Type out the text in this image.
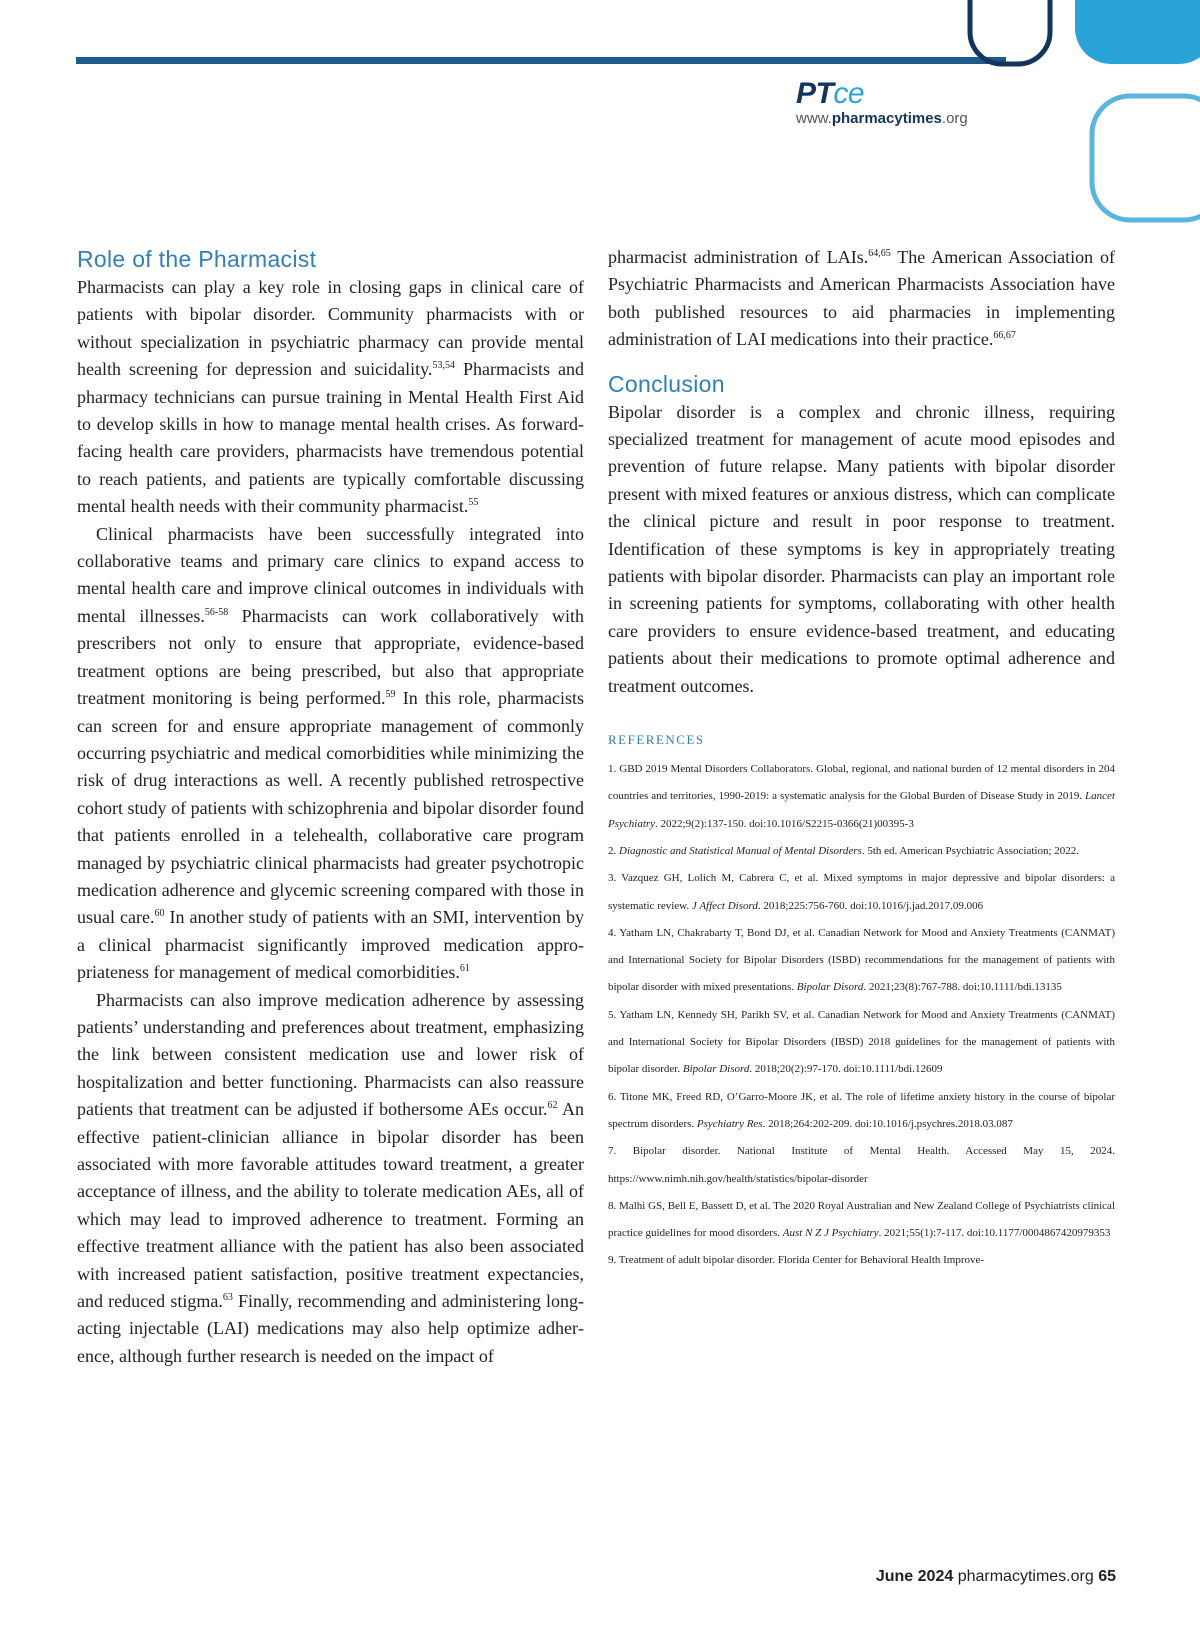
PTce
www.pharmacytimes.org
Role of the Pharmacist

Pharmacists can play a key role in closing gaps in clinical care of patients with bipolar disorder. Community pharmacists with or without specialization in psychiatric pharmacy can provide mental health screening for depression and suicidality.$^{53,54}$ Pharmacists and pharmacy technicians can pursue training in Mental Health First Aid to develop skills in how to manage mental health crises. As forward-facing health care providers, pharmacists have tremendous potential to reach patients, and patients are typically comfortable discussing mental health needs with their community pharmacist.$^{55}$

Clinical pharmacists have been successfully integrated into collaborative teams and primary care clinics to expand access to mental health care and improve clinical outcomes in individuals with mental illnesses.$^{56-58}$ Pharmacists can work collaboratively with prescribers not only to ensure that appropriate, evidence-based treatment options are being prescribed, but also that appropriate treatment monitoring is being performed.$^{59}$ In this role, pharmacists can screen for and ensure appropriate management of commonly occurring psychiatric and medical comorbidities while minimizing the risk of drug interactions as well. A recently published retrospective cohort study of patients with schizophrenia and bipolar disorder found that patients enrolled in a telehealth, collaborative care program managed by psychiatric clinical pharmacists had greater psychotropic medication adherence and glycemic screening compared with those in usual care.$^{60}$ In another study of patients with an SMI, intervention by a clinical pharmacist significantly improved medication appropriateness for management of medical comorbidities.$^{61}$

Pharmacists can also improve medication adherence by assessing patients’ understanding and preferences about treatment, emphasizing the link between consistent medication use and lower risk of hospitalization and better functioning. Pharmacists can also reassure patients that treatment can be adjusted if bothersome AEs occur.$^{62}$ An effective patient-clinician alliance in bipolar disorder has been associated with more favorable attitudes toward treatment, a greater acceptance of illness, and the ability to tolerate medication AEs, all of which may lead to improved adherence to treatment. Forming an effective treatment alliance with the patient has also been associated with increased patient satisfaction, positive treatment expectancies, and reduced stigma.$^{63}$ Finally, recommending and administering long-acting injectable (LAI) medications may also help optimize adherence, although further research is needed on the impact of

pharmacist administration of LAIs.$^{64,65}$ The American Association of Psychiatric Pharmacists and American Pharmacists Association have both published resources to aid pharmacies in implementing administration of LAI medications into their practice.$^{66,67}$

Conclusion

Bipolar disorder is a complex and chronic illness, requiring specialized treatment for management of acute mood episodes and prevention of future relapse. Many patients with bipolar disorder present with mixed features or anxious distress, which can complicate the clinical picture and result in poor response to treatment. Identification of these symptoms is key in appropriately treating patients with bipolar disorder. Pharmacists can play an important role in screening patients for symptoms, collaborating with other health care providers to ensure evidence-based treatment, and educating patients about their medications to promote optimal adherence and treatment outcomes.

REFERENCES

1. GBD 2019 Mental Disorders Collaborators. Global, regional, and national burden of 12 mental disorders in 204 countries and territories, 1990-2019: a systematic analysis for the Global Burden of Disease Study in 2019. Lancet Psychiatry. 2022;9(2):137-150. doi:10.1016/S2215-0366(21)00395-3

2. Diagnostic and Statistical Manual of Mental Disorders. 5th ed. American Psychiatric Association; 2022.

3. Vazquez GH, Lolich M, Cabrera C, et al. Mixed symptoms in major depressive and bipolar disorders: a systematic review. J Affect Disord. 2018;225:756-760. doi:10.1016/j.jad.2017.09.006

4. Yatham LN, Chakrabarty T, Bond DJ, et al. Canadian Network for Mood and Anxiety Treatments (CANMAT) and International Society for Bipolar Disorders (ISBD) recommendations for the management of patients with bipolar disorder with mixed presentations. Bipolar Disord. 2021;23(8):767-788. doi:10.1111/bdi.13135

5. Yatham LN, Kennedy SH, Parikh SV, et al. Canadian Network for Mood and Anxiety Treatments (CANMAT) and International Society for Bipolar Disorders (IBSD) 2018 guidelines for the management of patients with bipolar disorder. Bipolar Disord. 2018;20(2):97-170. doi:10.1111/bdi.12609

6. Titone MK, Freed RD, O’Garro-Moore JK, et al. The role of lifetime anxiety history in the course of bipolar spectrum disorders. Psychiatry Res. 2018;264:202-209. doi:10.1016/j.psychres.2018.03.087

7. Bipolar disorder. National Institute of Mental Health. Accessed May 15, 2024. https://www.nimh.nih.gov/health/statistics/bipolar-disorder

8. Malhi GS, Bell E, Bassett D, et al. The 2020 Royal Australian and New Zealand College of Psychiatrists clinical practice guidelines for mood disorders. Aust N Z J Psychiatry. 2021;55(1):7-117. doi:10.1177/0004867420979353

9. Treatment of adult bipolar disorder. Florida Center for Behavioral Health Improve-

June 2024 pharmacytimes.org 65
